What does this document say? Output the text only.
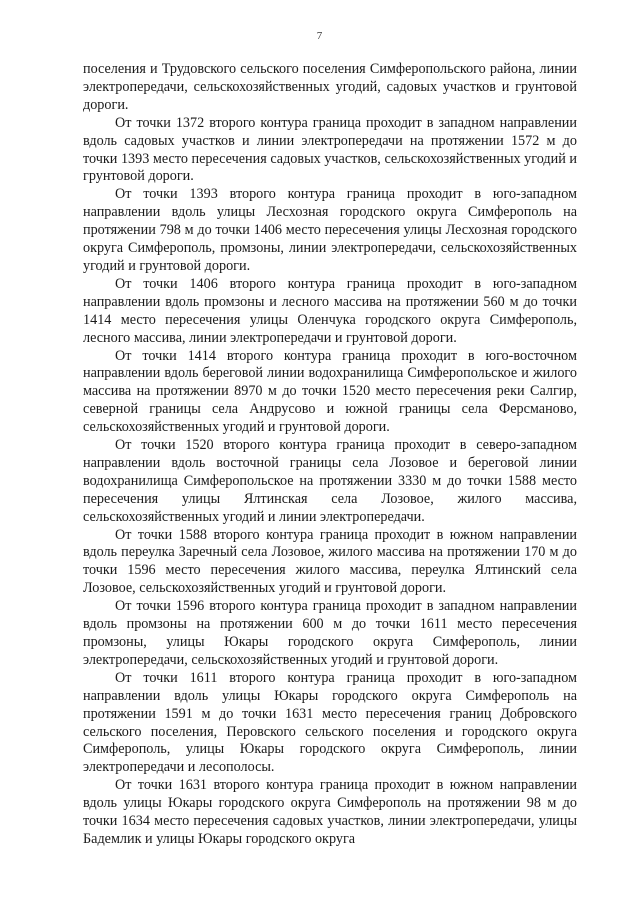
7

поселения и Трудовского сельского поселения Симферопольского района, линии электропередачи, сельскохозяйственных угодий, садовых участков и грунтовой дороги.

От точки 1372 второго контура граница проходит в западном направлении вдоль садовых участков и линии электропередачи на протяжении 1572 м до точки 1393 место пересечения садовых участков, сельскохозяйственных угодий и грунтовой дороги.

От точки 1393 второго контура граница проходит в юго-западном направлении вдоль улицы Лесхозная городского округа Симферополь на протяжении 798 м до точки 1406 место пересечения улицы Лесхозная городского округа Симферополь, промзоны, линии электропередачи, сельскохозяйственных угодий и грунтовой дороги.

От точки 1406 второго контура граница проходит в юго-западном направлении вдоль промзоны и лесного массива на протяжении 560 м до точки 1414 место пересечения улицы Оленчука городского округа Симферополь, лесного массива, линии электропередачи и грунтовой дороги.

От точки 1414 второго контура граница проходит в юго-восточном направлении вдоль береговой линии водохранилища Симферопольское и жилого массива на протяжении 8970 м до точки 1520 место пересечения реки Салгир, северной границы села Андрусово и южной границы села Ферсманово, сельскохозяйственных угодий и грунтовой дороги.

От точки 1520 второго контура граница проходит в северо-западном направлении вдоль восточной границы села Лозовое и береговой линии водохранилища Симферопольское на протяжении 3330 м до точки 1588 место пересечения улицы Ялтинская села Лозовое, жилого массива, сельскохозяйственных угодий и линии электропередачи.

От точки 1588 второго контура граница проходит в южном направлении вдоль переулка Заречный села Лозовое, жилого массива на протяжении 170 м до точки 1596 место пересечения жилого массива, переулка Ялтинский села Лозовое, сельскохозяйственных угодий и грунтовой дороги.

От точки 1596 второго контура граница проходит в западном направлении вдоль промзоны на протяжении 600 м до точки 1611 место пересечения промзоны, улицы Юкары городского округа Симферополь, линии электропередачи, сельскохозяйственных угодий и грунтовой дороги.

От точки 1611 второго контура граница проходит в юго-западном направлении вдоль улицы Юкары городского округа Симферополь на протяжении 1591 м до точки 1631 место пересечения границ Добровского сельского поселения, Перовского сельского поселения и городского округа Симферополь, улицы Юкары городского округа Симферополь, линии электропередачи и лесополосы.

От точки 1631 второго контура граница проходит в южном направлении вдоль улицы Юкары городского округа Симферополь на протяжении 98 м до точки 1634 место пересечения садовых участков, линии электропередачи, улицы Бадемлик и улицы Юкары городского округа
